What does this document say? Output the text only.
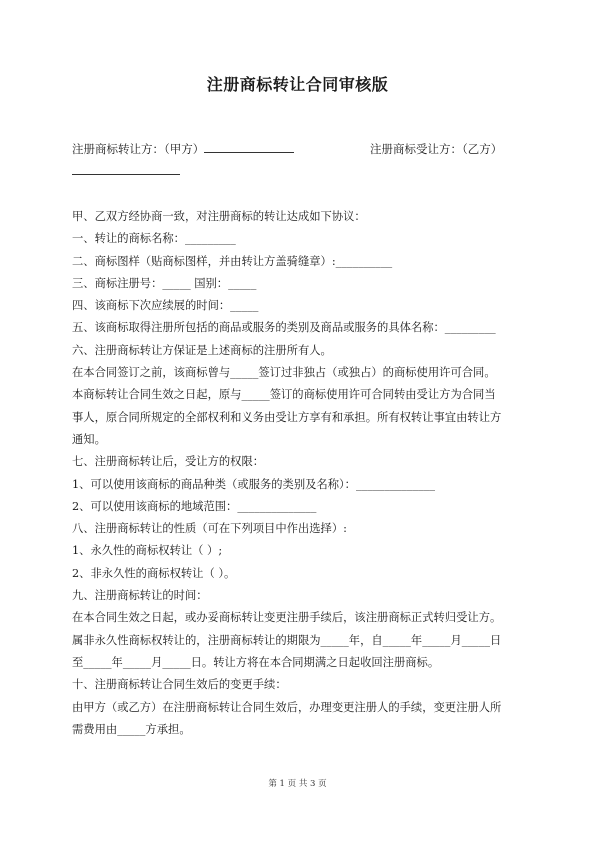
注册商标转让合同审核版
注册商标转让方：（甲方）	注册商标受让方：（乙方）

甲、乙双方经协商一致，对注册商标的转让达成如下协议：

一、转让的商标名称：_________

二、商标图样（贴商标图样，并由转让方盖骑缝章）:__________

三、商标注册号：_____ 国别：_____

四、该商标下次应续展的时间：_____

五、该商标取得注册所包括的商品或服务的类别及商品或服务的具体名称：_________

六、注册商标转让方保证是上述商标的注册所有人。

在本合同签订之前，该商标曾与_____签订过非独占（或独占）的商标使用许可合同。

本商标转让合同生效之日起，原与_____签订的商标使用许可合同转由受让方为合同当

事人，原合同所规定的全部权利和义务由受让方享有和承担。所有权转让事宜由转让方

通知。

七、注册商标转让后，受让方的权限：

1、可以使用该商标的商品种类（或服务的类别及名称）：______________

2、可以使用该商标的地域范围：______________

八、注册商标转让的性质（可在下列项目中作出选择）:

1、永久性的商标权转让（ ）;

2、非永久性的商标权转让（ ）。

九、注册商标转让的时间：

在本合同生效之日起，或办妥商标转让变更注册手续后，该注册商标正式转归受让方。

属非永久性商标权转让的，注册商标转让的期限为_____年，自_____年_____月_____日

至_____年_____月_____日。转让方将在本合同期满之日起收回注册商标。

十、注册商标转让合同生效后的变更手续：

由甲方（或乙方）在注册商标转让合同生效后，办理变更注册人的手续，变更注册人所

需费用由_____方承担。

第 1 页 共 3 页
